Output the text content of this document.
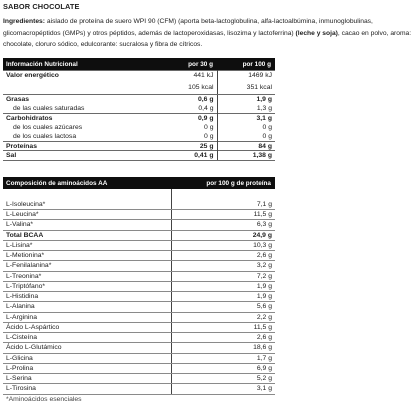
SABOR CHOCOLATE
Ingredientes: aislado de proteína de suero WPI 90 (CFM) (aporta beta-lactoglobulina, alfa-lactoalbúmina, inmunoglobulinas, glicomacropéptidos (GMPs) y otros péptidos, además de lactoperoxidasas, lisozima y lactoferrina) (leche y soja), cacao en polvo, aroma: chocolate, cloruro sódico, edulcorante: sucralosa y fibra de cítricos.
Información Nutricional	por 30 g	por 100 g
Valor energético	441 kJ	1469 kJ
	105 kcal	351 kcal
Grasas	0,6 g	1,9 g
de las cuales saturadas	0,4 g	1,3 g
Carbohidratos	0,9 g	3,1 g
de los cuales azúcares	0 g	0 g
de los cuales lactosa	0 g	0 g
Proteínas	25 g	84 g
Sal	0,41 g	1,38 g
Composición de aminoácidos AA	por 100 g de proteína

L-Isoleucina*	7,1 g
L-Leucina*	11,5 g
L-Valina*	6,3 g
Total BCAA	24,9 g
L-Lisina*	10,3 g
L-Metionina*	2,6 g
L-Fenilalanina*	3,2 g
L-Treonina*	7,2 g
L-Triptófano*	1,9 g
L-Histidina	1,9 g
L-Alanina	5,6 g
L-Arginina	2,2 g
Ácido L-Aspártico	11,5 g
L-Cisteína	2,6 g
Ácido L-Glutámico	18,6 g
L-Glicina	1,7 g
L-Prolina	6,9 g
L-Serina	5,2 g
L-Tirosina	3,1 g
*Aminoácidos esenciales	
